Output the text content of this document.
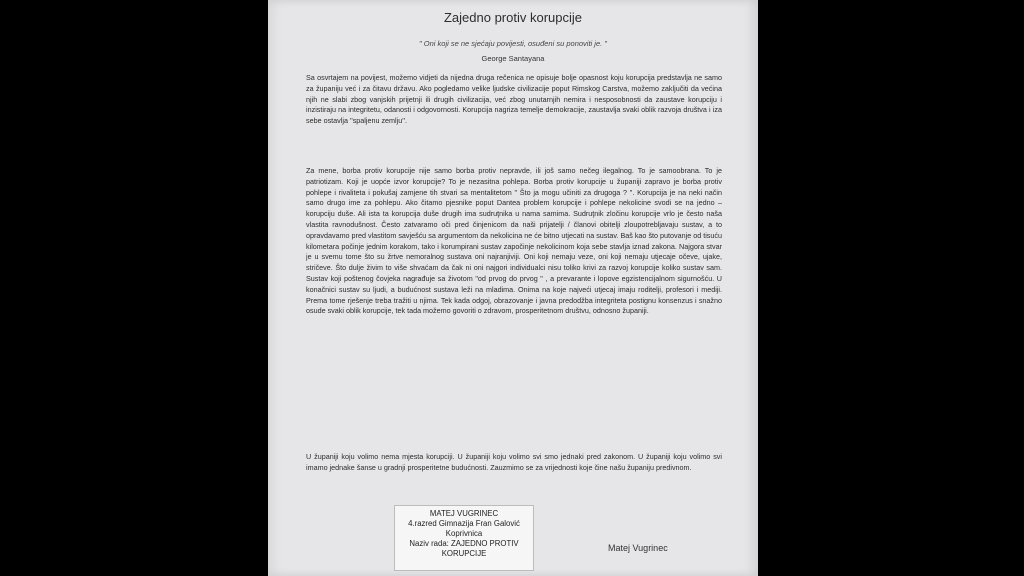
Zajedno protiv korupcije
" Oni koji se ne sjećaju povijesti, osuđeni su ponoviti je. "
George Santayana

Sa osvrtajem na povijest, možemo vidjeti da nijedna druga rečenica ne opisuje bolje opasnost koju korupcija predstavlja ne samo za županiju već i za čitavu državu. Ako pogledamo velike ljudske civilizacije poput Rimskog Carstva, možemo zaključiti da većina njih ne slabi zbog vanjskih prijetnji ili drugih civilizacija, već zbog unutarnjih nemira i nesposobnosti da zaustave korupciju i inzistiraju na integritetu, odanosti i odgovornosti. Korupcija nagriza temelje demokracije, zaustavlja svaki oblik razvoja društva i iza sebe ostavlja ''spaljenu zemlju''.

Za mene, borba protiv korupcije nije samo borba protiv nepravde, ili još samo nečeg ilegalnog. To je samoobrana. To je patriotizam. Koji je uopće izvor korupcije? To je nezasitna pohlepa. Borba protiv korupcije u županiji zapravo je borba protiv pohlepe i rivaliteta i pokušaj zamjene tih stvari sa mentalitetom " Što ja mogu učiniti za drugoga ? ". Korupcija je na neki način samo drugo ime za pohlepu. Ako čitamo pjesnike poput Dantea problem korupcije i pohlepe nekolicine svodi se na jedno – korupciju duše. Ali ista ta korupcija duše drugih ima sudruţnika u nama samima. Sudruţnik zločinu korupcije vrlo je često naša vlastita ravnodušnost. Često zatvaramo oči pred činjenicom da naši prijatelji / članovi obitelji zloupotrebljavaju sustav, a to opravdavamo pred vlastitom savješću sa argumentom da nekolicina ne će bitno utjecati na sustav. Baš kao što putovanje od tisuću kilometara počinje jednim korakom, tako i korumpirani sustav započinje nekolicinom koja sebe stavlja iznad zakona. Najgora stvar je u svemu tome što su žrtve nemoralnog sustava oni najranjiviji. Oni koji nemaju veze, oni koji nemaju utjecaje očeve, ujake, stričeve. Što dulje živim to više shvaćam da čak ni oni najgori individualci nisu toliko krivi za razvoj korupcije koliko sustav sam. Sustav koji poštenog čovjeka nagrađuje sa životom "od prvog do prvog " , a prevarante i lopove egzistencijalnom sigurnošću. U konačnici sustav su ljudi, a budućnost sustava leži na mladima. Onima na koje najveći utjecaj imaju roditelji, profesori i mediji. Prema tome rješenje treba tražiti u njima. Tek kada odgoj, obrazovanje i javna predodžba integriteta postignu konsenzus i snažno osude svaki oblik korupcije, tek tada možemo govoriti o zdravom, prosperitetnom društvu, odnosno županiji.

U županiji koju volimo nema mjesta korupciji. U županiji koju volimo svi smo jednaki pred zakonom. U županiji koju volimo svi imamo jednake šanse u gradnji prosperitetne budućnosti. Zauzmimo se za vrijednosti koje čine našu županiju predivnom.

MATEJ VUGRINEC
4.razred Gimnazija Fran Galović
Koprivnica
Naziv rada: ZAJEDNO PROTIV
KORUPCIJE
Matej Vugrinec
